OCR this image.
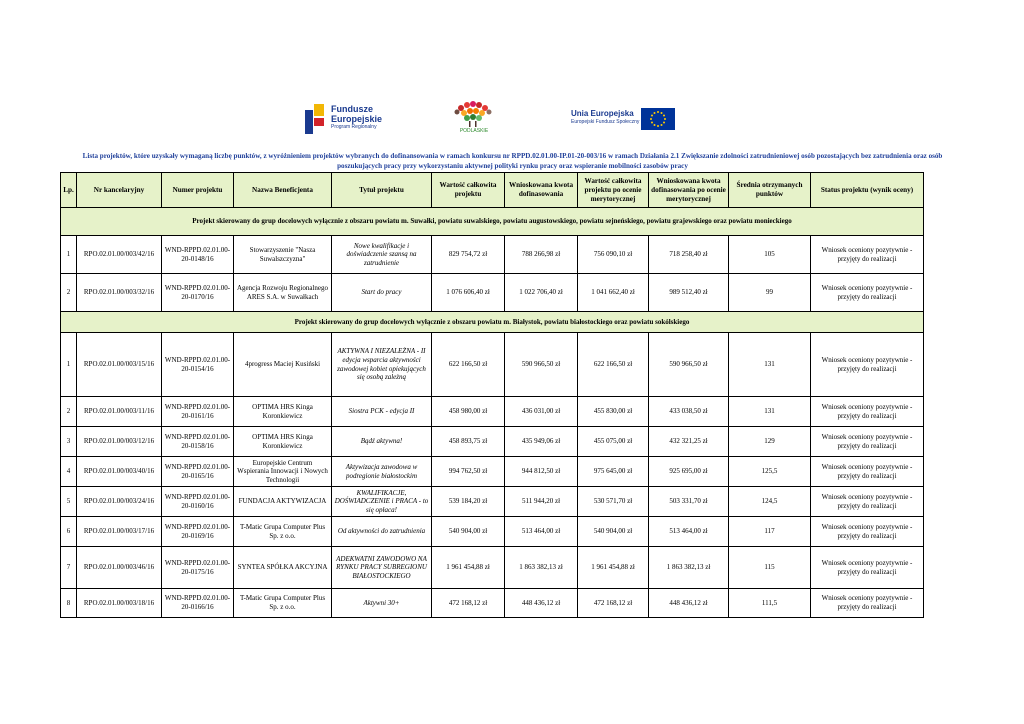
Fundusze
Europejskie
Program Regionalny
PODLASKIE
Unia Europejska
Europejski Fundusz Społeczny
Lista projektów, które uzyskały wymaganą liczbę punktów, z wyróżnieniem projektów wybranych do dofinansowania w ramach konkursu nr RPPD.02.01.00-IP.01-20-003/16 w ramach Działania 2.1 Zwiększanie zdolności zatrudnieniowej osób pozostających bez zatrudnienia oraz osób poszukujących pracy przy wykorzystaniu aktywnej polityki rynku pracy oraz wspieranie mobilności zasobów pracy
Lp.	Nr kancelaryjny	Numer projektu	Nazwa Beneficjenta	Tytuł projektu	Wartość całkowita projektu	Wnioskowana kwota dofinasowania	Wartość całkowita projektu po ocenie merytorycznej	Wnioskowana kwota dofinasowania po ocenie merytorycznej	Średnia otrzymanych punktów	Status projektu (wynik oceny)
Projekt skierowany do grup docelowych wyłącznie z obszaru powiatu m. Suwałki, powiatu suwalskiego, powiatu augustowskiego, powiatu sejneńskiego, powiatu grajewskiego oraz powiatu monieckiego										
1	RPO.02.01.00/003/42/16	WND-RPPD.02.01.00-20-0148/16	Stowarzyszenie "Nasza Suwalszczyzna"	Nowe kwalifikacje i doświadczenie szansą na zatrudnienie	829 754,72 zł	788 266,98 zł	756 090,10 zł	718 258,40 zł	105	Wniosek oceniony pozytywnie - przyjęty do realizacji
2	RPO.02.01.00/003/32/16	WND-RPPD.02.01.00-20-0170/16	Agencja Rozwoju Regionalnego ARES S.A. w Suwałkach	Start do pracy	1 076 606,40 zł	1 022 706,40 zł	1 041 662,40 zł	989 512,40 zł	99	Wniosek oceniony pozytywnie - przyjęty do realizacji
Projekt skierowany do grup docelowych wyłącznie z obszaru powiatu m. Białystok, powiatu białostockiego oraz powiatu sokólskiego										
1	RPO.02.01.00/003/15/16	WND-RPPD.02.01.00-20-0154/16	4progress Maciej Kusiński	AKTYWNA I NIEZALEŻNA - II edycja wsparcia aktywności zawodowej kobiet opiekujących się osobą zależną	622 166,50 zł	590 966,50 zł	622 166,50 zł	590 966,50 zł	131	Wniosek oceniony pozytywnie - przyjęty do realizacji
2	RPO.02.01.00/003/11/16	WND-RPPD.02.01.00-20-0161/16	OPTIMA HRS Kinga Koronkiewicz	Siostra PCK - edycja II	458 980,00 zł	436 031,00 zł	455 830,00 zł	433 038,50 zł	131	Wniosek oceniony pozytywnie - przyjęty do realizacji
3	RPO.02.01.00/003/12/16	WND-RPPD.02.01.00-20-0158/16	OPTIMA HRS Kinga Koronkiewicz	Bądź aktywna!	458 893,75 zł	435 949,06 zł	455 075,00 zł	432 321,25 zł	129	Wniosek oceniony pozytywnie - przyjęty do realizacji
4	RPO.02.01.00/003/40/16	WND-RPPD.02.01.00-20-0165/16	Europejskie Centrum Wspierania Innowacji i Nowych Technologii	Aktywizacja zawodowa w podregionie białostockim	994 762,50 zł	944 812,50 zł	975 645,00 zł	925 695,00 zł	125,5	Wniosek oceniony pozytywnie - przyjęty do realizacji
5	RPO.02.01.00/003/24/16	WND-RPPD.02.01.00-20-0160/16	FUNDACJA AKTYWIZACJA	KWALIFIKACJE, DOŚWIADCZENIE i PRACA - to się opłaca!	539 184,20 zł	511 944,20 zł	530 571,70 zł	503 331,70 zł	124,5	Wniosek oceniony pozytywnie - przyjęty do realizacji
6	RPO.02.01.00/003/17/16	WND-RPPD.02.01.00-20-0169/16	T-Matic Grupa Computer Plus Sp. z o.o.	Od aktywności do zatrudnienia	540 904,00 zł	513 464,00 zł	540 904,00 zł	513 464,00 zł	117	Wniosek oceniony pozytywnie - przyjęty do realizacji
7	RPO.02.01.00/003/46/16	WND-RPPD.02.01.00-20-0175/16	SYNTEA SPÓŁKA AKCYJNA	ADEKWATNI ZAWODOWO NA RYNKU PRACY SUBREGIONU BIAŁOSTOCKIEGO	1 961 454,88 zł	1 863 382,13 zł	1 961 454,88 zł	1 863 382,13 zł	115	Wniosek oceniony pozytywnie - przyjęty do realizacji
8	RPO.02.01.00/003/18/16	WND-RPPD.02.01.00-20-0166/16	T-Matic Grupa Computer Plus Sp. z o.o.	Aktywni 30+	472 168,12 zł	448 436,12 zł	472 168,12 zł	448 436,12 zł	111,5	Wniosek oceniony pozytywnie - przyjęty do realizacji
